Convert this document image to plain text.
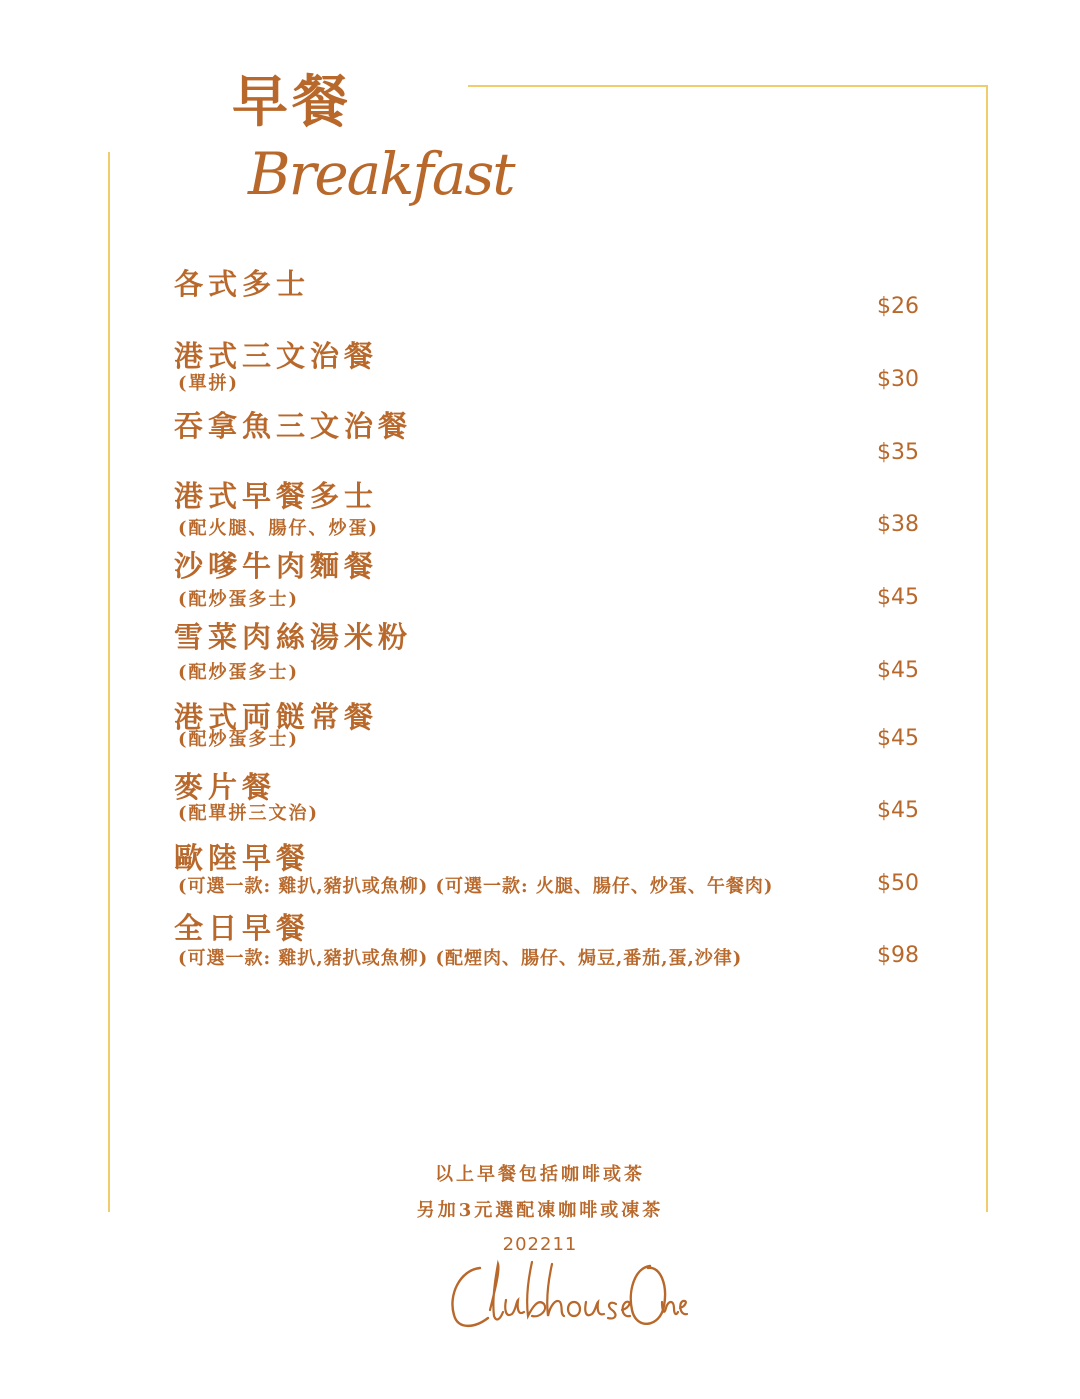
早餐
Breakfast
各式多士
$26
港式三文治餐
(單拼)	$30
吞拿魚三文治餐
$35
港式早餐多士
(配火腿、腸仔、炒蛋)	$38
沙嗲牛肉麵餐
(配炒蛋多士)	$45
雪菜肉絲湯米粉
(配炒蛋多士)	$45
港式両餸常餐
(配炒蛋多士)	$45
麥片餐
(配單拼三文治)	$45
歐陸早餐
(可選一款: 雞扒,豬扒或魚柳) (可選一款: 火腿、腸仔、炒蛋、午餐肉)	$50
全日早餐
(可選一款: 雞扒,豬扒或魚柳) (配煙肉、腸仔、焗豆,番茄,蛋,沙律)	$98
以上早餐包括咖啡或茶
另加3元選配凍咖啡或凍茶
202211
